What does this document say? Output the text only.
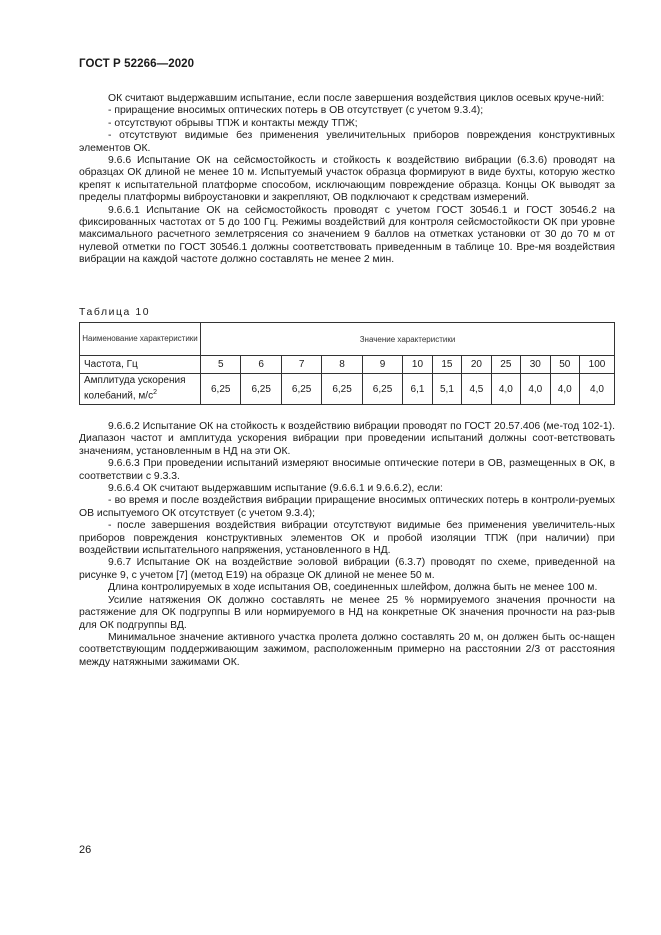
ГОСТ Р 52266—2020

ОК считают выдержавшим испытание, если после завершения воздействия циклов осевых круче-ний:

- приращение вносимых оптических потерь в ОВ отсутствует (с учетом 9.3.4);

- отсутствуют обрывы ТПЖ и контакты между ТПЖ;

- отсутствуют видимые без применения увеличительных приборов повреждения конструктивных элементов ОК.

9.6.6 Испытание ОК на сейсмостойкость и стойкость к воздействию вибрации (6.3.6) проводят на образцах ОК длиной не менее 10 м. Испытуемый участок образца формируют в виде бухты, которую жестко крепят к испытательной платформе способом, исключающим повреждение образца. Концы ОК выводят за пределы платформы виброустановки и закрепляют, ОВ подключают к средствам измерений.

9.6.6.1 Испытание ОК на сейсмостойкость проводят с учетом ГОСТ 30546.1 и ГОСТ 30546.2 на фиксированных частотах от 5 до 100 Гц. Режимы воздействий для контроля сейсмостойкости ОК при уровне максимального расчетного землетрясения со значением 9 баллов на отметках установки от 30 до 70 м от нулевой отметки по ГОСТ 30546.1 должны соответствовать приведенным в таблице 10. Вре-мя воздействия вибрации на каждой частоте должно составлять не менее 2 мин.

Таблица 10
Наименование характеристики	Значение характеристики											
Частота, Гц	5	6	7	8	9	10	15	20	25	30	50	100
Амплитуда ускорения колебаний, $м/с^2$	6,25	6,25	6,25	6,25	6,25	6,1	5,1	4,5	4,0	4,0	4,0	4,0

9.6.6.2 Испытание ОК на стойкость к воздействию вибрации проводят по ГОСТ 20.57.406 (ме-тод 102-1). Диапазон частот и амплитуда ускорения вибрации при проведении испытаний должны соот-ветствовать значениям, установленным в НД на эти ОК.

9.6.6.3 При проведении испытаний измеряют вносимые оптические потери в ОВ, размещенных в ОК, в соответствии с 9.3.3.

9.6.6.4 ОК считают выдержавшим испытание (9.6.6.1 и 9.6.6.2), если:

- во время и после воздействия вибрации приращение вносимых оптических потерь в контроли-руемых ОВ испытуемого ОК отсутствует (с учетом 9.3.4);

- после завершения воздействия вибрации отсутствуют видимые без применения увеличитель-ных приборов повреждения конструктивных элементов ОК и пробой изоляции ТПЖ (при наличии) при воздействии испытательного напряжения, установленного в НД.

9.6.7 Испытание ОК на воздействие эоловой вибрации (6.3.7) проводят по схеме, приведенной на рисунке 9, с учетом [7] (метод Е19) на образце ОК длиной не менее 50 м.

Длина контролируемых в ходе испытания ОВ, соединенных шлейфом, должна быть не менее 100 м.

Усилие натяжения ОК должно составлять не менее 25 % нормируемого значения прочности на растяжение для ОК подгруппы В или нормируемого в НД на конкретные ОК значения прочности на раз-рыв для ОК подгруппы ВД.

Минимальное значение активного участка пролета должно составлять 20 м, он должен быть ос-нащен соответствующим поддерживающим зажимом, расположенным примерно на расстоянии 2/3 от расстояния между натяжными зажимами ОК.

26
